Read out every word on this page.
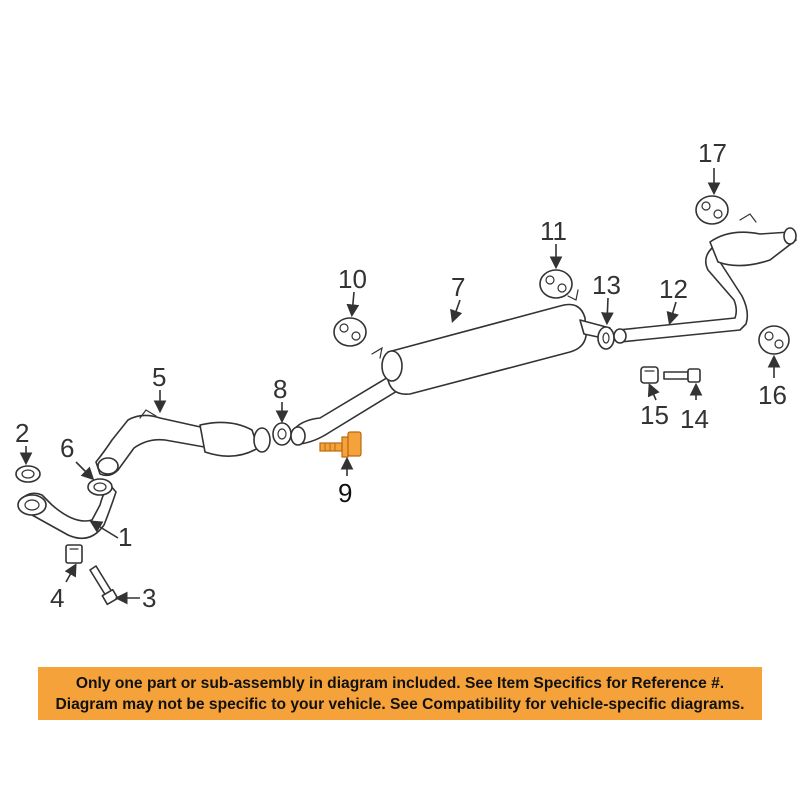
1
2
3
4
5
6
7
8
9
10
11
12
13
14
15
16
17
Only one part or sub-assembly in diagram included. See Item Specifics for Reference #.
Diagram may not be specific to your vehicle. See Compatibility for vehicle-specific diagrams.
